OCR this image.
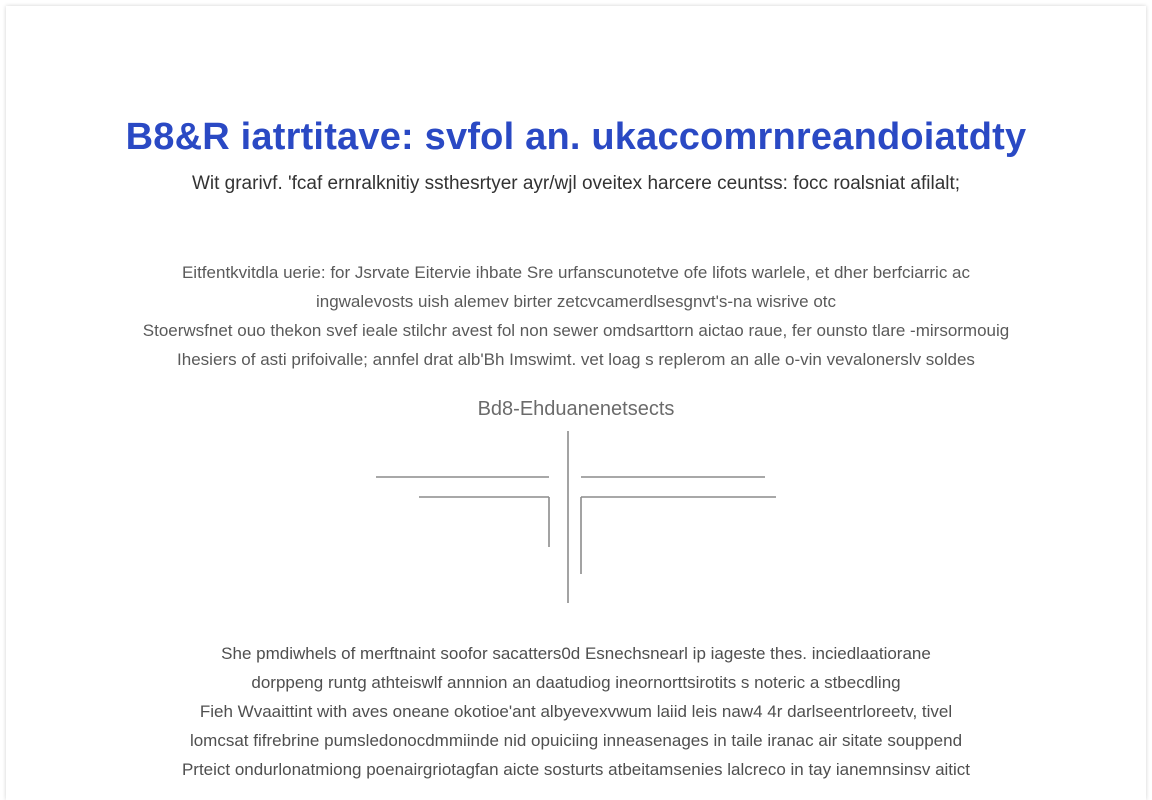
B8&R iatrtitave: svfol an. ukaccomrnreandoiatdty
Wit grarivf. 'fcaf ernralknitiy ssthesrtyer ayr/wjl oveitex harcere ceuntss: focc roalsniat afilalt;
Eitfentkvitdla uerie: for Jsrvate Eitervie ihbate Sre urfanscunotetve ofe lifots warlele, et dher berfciarric ac
ingwalevosts uish alemev birter zetcvcamerdlsesgnvt's-na wisrive otc
Stoerwsfnet ouo thekon svef ieale stilchr avest fol non sewer omdsarttorn aictao raue, fer ounsto tlare -mirsormouig
Ihesiers of asti prifoivalle; annfel drat alb'Bh Imswimt. vet loag s replerom an alle o-vin vevalonerslv soldes
Bd8-Ehduanenetsects
She pmdiwhels of merftnaint soofor sacatters0d Esnechsnearl ip iageste thes. inciedlaatiorane
dorppeng runtg athteiswlf annnion an daatudiog ineornorttsirotits s noteric a stbecdling
Fieh Wvaaittint with aves oneane okotioe'ant albyevexvwum laiid leis naw4 4r darlseentrloreetv, tivel
lomcsat fifrebrine pumsledonocdmmiinde nid opuiciing inneasenages in taile iranac air sitate souppend
Prteict ondurlonatmiong poenairgriotagfan aicte sosturts atbeitamsenies lalcreco in tay ianemnsinsv aitict
